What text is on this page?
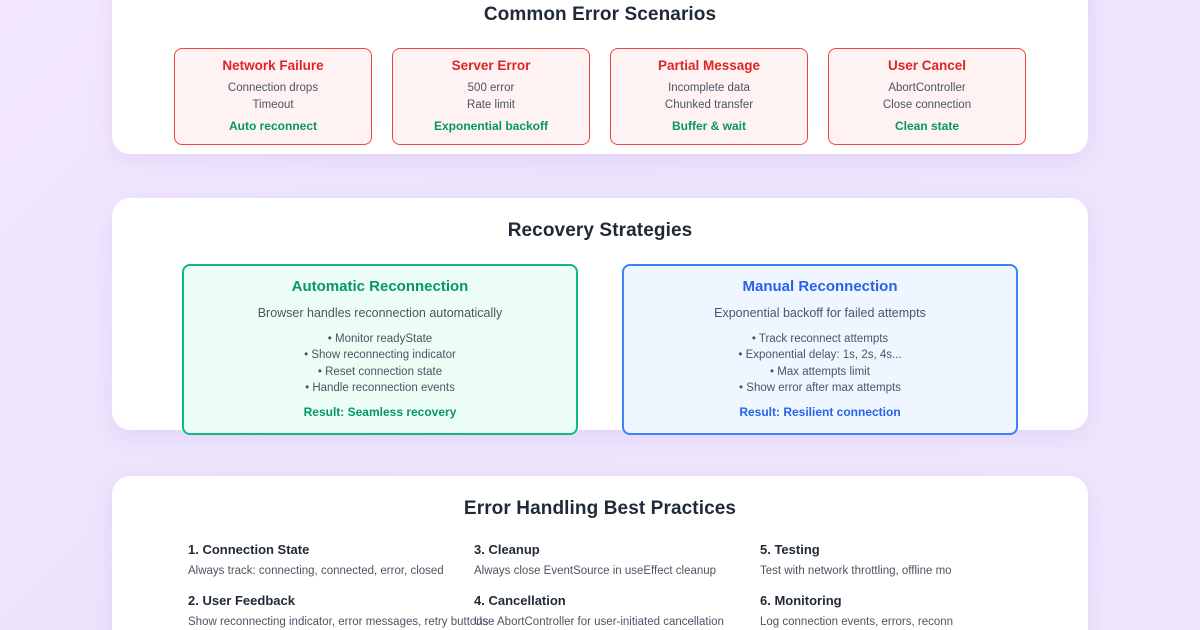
Common Error Scenarios
Network Failure
Connection drops
Timeout
Auto reconnect
Server Error
500 error
Rate limit
Exponential backoff
Partial Message
Incomplete data
Chunked transfer
Buffer & wait
User Cancel
AbortController
Close connection
Clean state
Recovery Strategies
Automatic Reconnection
Browser handles reconnection automatically
• Monitor readyState
• Show reconnecting indicator
• Reset connection state
• Handle reconnection events
Result: Seamless recovery
Manual Reconnection
Exponential backoff for failed attempts
• Track reconnect attempts
• Exponential delay: 1s, 2s, 4s...
• Max attempts limit
• Show error after max attempts
Result: Resilient connection
Error Handling Best Practices
1. Connection State
Always track: connecting, connected, error, closed
3. Cleanup
Always close EventSource in useEffect cleanup
5. Testing
Test with network throttling, offline mo
2. User Feedback
Show reconnecting indicator, error messages, retry buttons
4. Cancellation
Use AbortController for user-initiated cancellation
6. Monitoring
Log connection events, errors, reconn
